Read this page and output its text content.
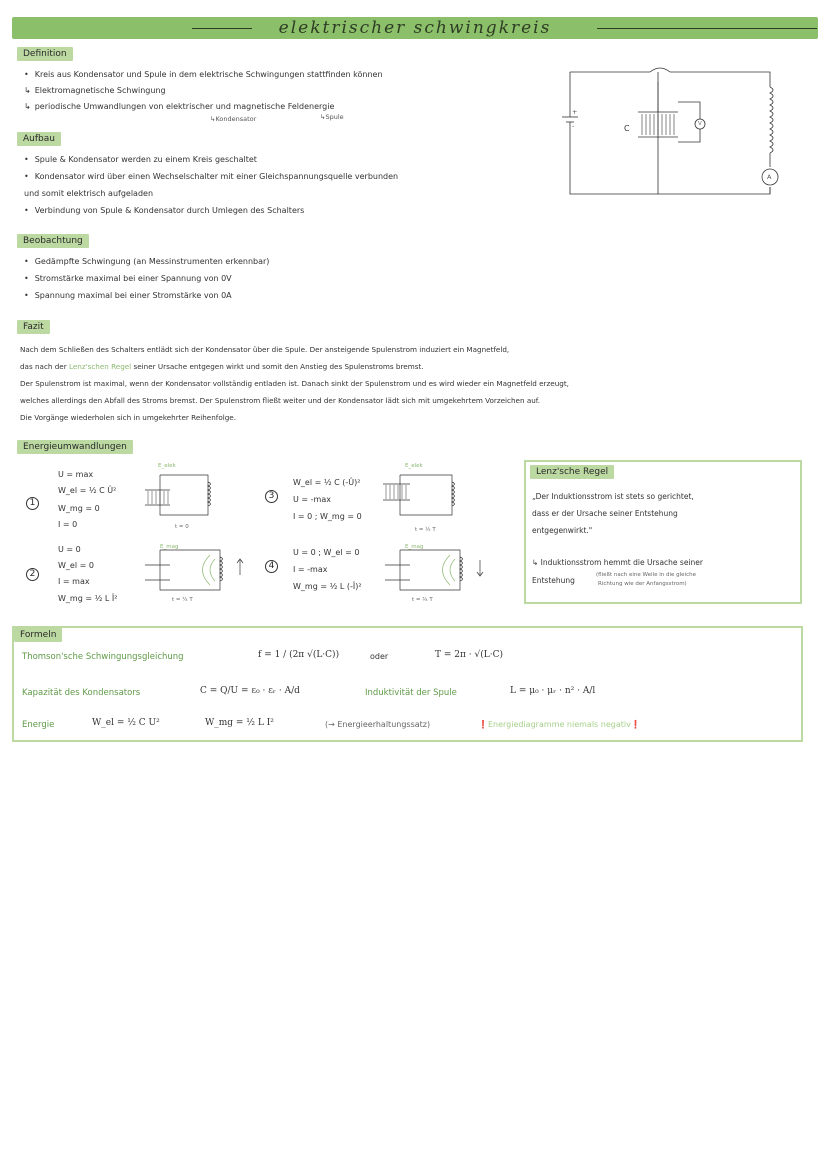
elektrischer schwingkreis
Definition
• Kreis aus Kondensator und Spule in dem elektrische Schwingungen stattfinden können
↳ Elektromagnetische Schwingung
↳ periodische Umwandlungen von elektrischer und magnetische Feldenergie
↳Kondensator	↳Spule
+
-	C	V
A
Aufbau
• Spule & Kondensator werden zu einem Kreis geschaltet
• Kondensator wird über einen Wechselschalter mit einer Gleichspannungsquelle verbunden
und somit elektrisch aufgeladen
• Verbindung von Spule & Kondensator durch Umlegen des Schalters
Beobachtung
• Gedämpfte Schwingung (an Messinstrumenten erkennbar)
• Stromstärke maximal bei einer Spannung von 0V
• Spannung maximal bei einer Stromstärke von 0A
Fazit
Nach dem Schließen des Schalters entlädt sich der Kondensator über die Spule. Der ansteigende Spulenstrom induziert ein Magnetfeld,
das nach der Lenz'schen Regel seiner Ursache entgegen wirkt und somit den Anstieg des Spulenstroms bremst.
Der Spulenstrom ist maximal, wenn der Kondensator vollständig entladen ist. Danach sinkt der Spulenstrom und es wird wieder ein Magnetfeld erzeugt,
welches allerdings den Abfall des Stroms bremst. Der Spulenstrom fließt weiter und der Kondensator lädt sich mit umgekehrtem Vorzeichen auf.
Die Vorgänge wiederholen sich in umgekehrter Reihenfolge.
Energieumwandlungen
1
U = max
W_el = ½ C Û²
W_mg = 0
I = 0
E_elek
t = 0
2
U = 0
W_el = 0
I = max
W_mg = ½ L Î²
E_mag
t = ¼ T
3
W_el = ½ C (-Û)²
U = -max
I = 0 ; W_mg = 0
E_elek
t = ½ T
4
U = 0 ; W_el = 0
I = -max
W_mg = ½ L (-Î)²
E_mag
t = ¾ T
Lenz'sche Regel
„Der Induktionsstrom ist stets so gerichtet,
dass er der Ursache seiner Entstehung
entgegenwirkt."
↳ Induktionsstrom hemmt die Ursache seiner
Entstehung
(fließt nach eine Weile in die gleiche
Richtung wie der Anfangsstrom)
Formeln
Thomson'sche Schwingungsgleichung	f = 1 / (2π √(L·C))	oder	T = 2π · √(L·C)
Kapazität des Kondensators	C = Q/U = ε₀ · εᵣ · A/d	Induktivität der Spule	L = μ₀ · μᵣ · n² · A/l
Energie	W_el = ½ C U²	W_mg = ½ L I²	(→ Energieerhaltungssatz)	❗Energiediagramme niemals negativ❗
